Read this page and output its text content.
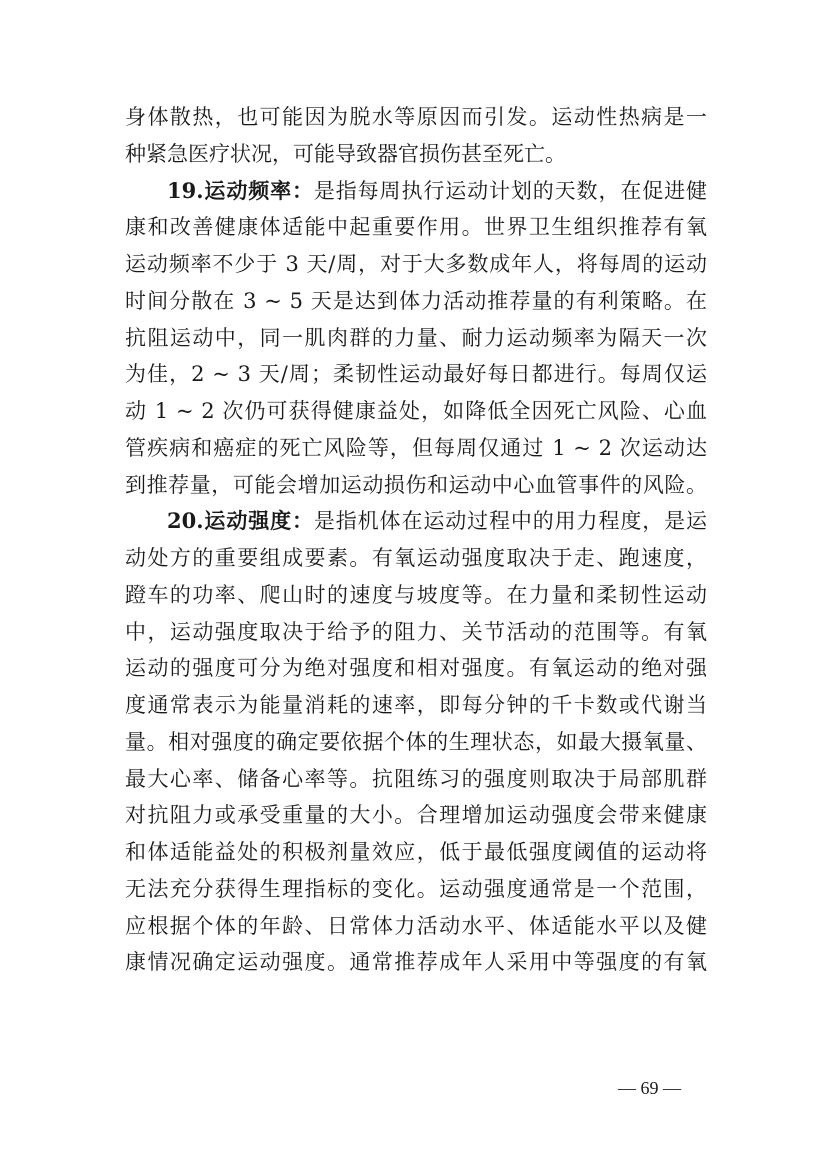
身体散热，也可能因为脱水等原因而引发。运动性热病是一
种紧急医疗状况，可能导致器官损伤甚至死亡。
19.运动频率：是指每周执行运动计划的天数，在促进健
康和改善健康体适能中起重要作用。世界卫生组织推荐有氧
运动频率不少于 3 天/周，对于大多数成年人，将每周的运动
时间分散在 3 ~ 5 天是达到体力活动推荐量的有利策略。在
抗阻运动中，同一肌肉群的力量、耐力运动频率为隔天一次
为佳，2 ~ 3 天/周；柔韧性运动最好每日都进行。每周仅运
动 1 ~ 2 次仍可获得健康益处，如降低全因死亡风险、心血
管疾病和癌症的死亡风险等，但每周仅通过 1 ~ 2 次运动达
到推荐量，可能会增加运动损伤和运动中心血管事件的风险。
20.运动强度：是指机体在运动过程中的用力程度，是运
动处方的重要组成要素。有氧运动强度取决于走、跑速度，
蹬车的功率、爬山时的速度与坡度等。在力量和柔韧性运动
中，运动强度取决于给予的阻力、关节活动的范围等。有氧
运动的强度可分为绝对强度和相对强度。有氧运动的绝对强
度通常表示为能量消耗的速率，即每分钟的千卡数或代谢当
量。相对强度的确定要依据个体的生理状态，如最大摄氧量、
最大心率、储备心率等。抗阻练习的强度则取决于局部肌群
对抗阻力或承受重量的大小。合理增加运动强度会带来健康
和体适能益处的积极剂量效应，低于最低强度阈值的运动将
无法充分获得生理指标的变化。运动强度通常是一个范围，
应根据个体的年龄、日常体力活动水平、体适能水平以及健
康情况确定运动强度。通常推荐成年人采用中等强度的有氧
— 69 —
